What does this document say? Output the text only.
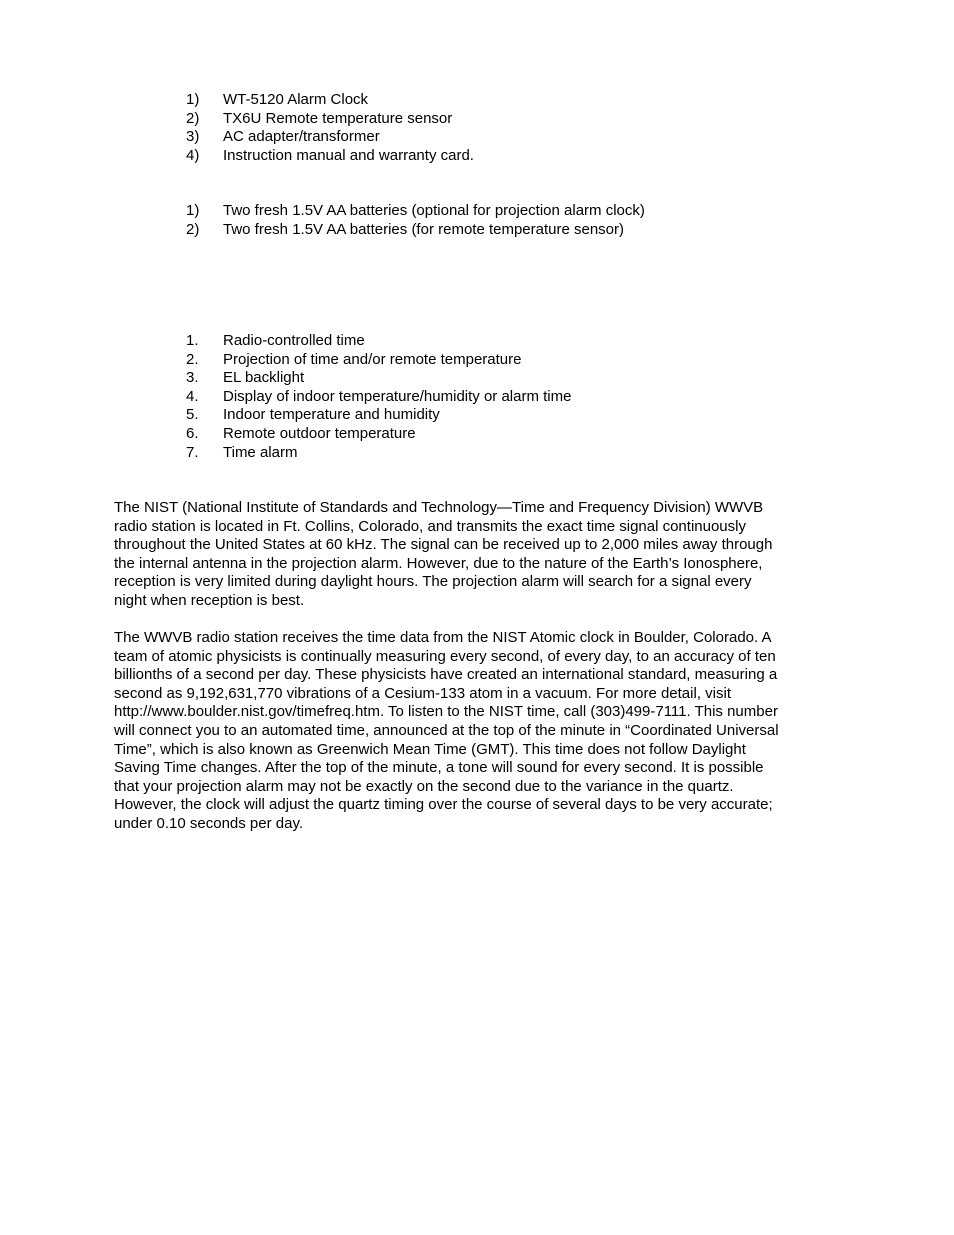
1)	WT-5120 Alarm Clock
2)	TX6U Remote temperature sensor
3)	AC adapter/transformer
4)	Instruction manual and warranty card.
1)	Two fresh 1.5V AA batteries (optional for projection alarm clock)
2)	Two fresh 1.5V AA batteries (for remote temperature sensor)
1.	Radio-controlled time
2.	Projection of time and/or remote temperature
3.	EL backlight
4.	Display of indoor temperature/humidity or alarm time
5.	Indoor temperature and humidity
6.	Remote outdoor temperature
7.	Time alarm

The NIST (National Institute of Standards and Technology—Time and Frequency Division) WWVB
radio station is located in Ft. Collins, Colorado, and transmits the exact time signal continuously
throughout the United States at 60 kHz. The signal can be received up to 2,000 miles away through
the internal antenna in the projection alarm. However, due to the nature of the Earth’s Ionosphere,
reception is very limited during daylight hours. The projection alarm will search for a signal every
night when reception is best.

The WWVB radio station receives the time data from the NIST Atomic clock in Boulder, Colorado. A
team of atomic physicists is continually measuring every second, of every day, to an accuracy of ten
billionths of a second per day. These physicists have created an international standard, measuring a
second as 9,192,631,770 vibrations of a Cesium-133 atom in a vacuum. For more detail, visit
http://www.boulder.nist.gov/timefreq.htm. To listen to the NIST time, call (303)499-7111. This number
will connect you to an automated time, announced at the top of the minute in “Coordinated Universal
Time”, which is also known as Greenwich Mean Time (GMT). This time does not follow Daylight
Saving Time changes. After the top of the minute, a tone will sound for every second. It is possible
that your projection alarm may not be exactly on the second due to the variance in the quartz.
However, the clock will adjust the quartz timing over the course of several days to be very accurate;
under 0.10 seconds per day.
